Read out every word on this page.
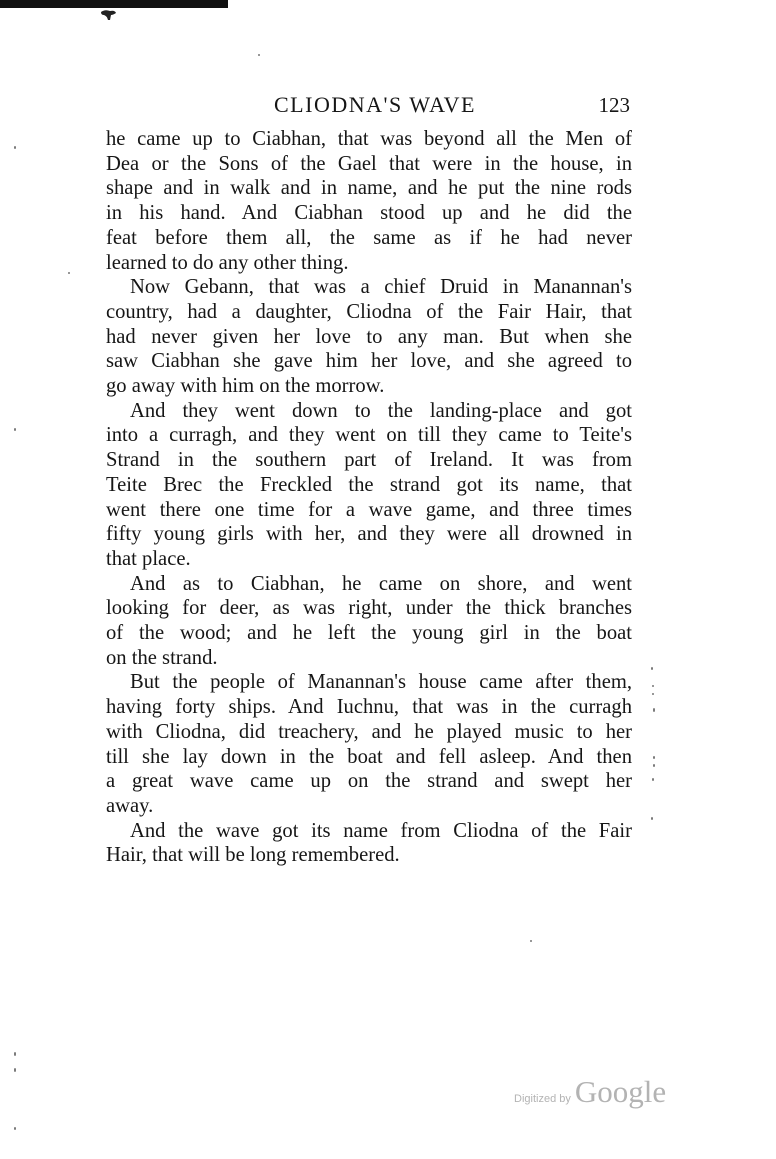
CLIODNA'S WAVE	123

he came up to Ciabhan, that was beyond all the Men of
Dea or the Sons of the Gael that were in the house, in
shape and in walk and in name, and he put the nine rods
in his hand. And Ciabhan stood up and he did the
feat before them all, the same as if he had never
learned to do any other thing.

Now Gebann, that was a chief Druid in Manannan's
country, had a daughter, Cliodna of the Fair Hair, that
had never given her love to any man. But when she
saw Ciabhan she gave him her love, and she agreed to
go away with him on the morrow.

And they went down to the landing-place and got
into a curragh, and they went on till they came to Teite's
Strand in the southern part of Ireland. It was from
Teite Brec the Freckled the strand got its name, that
went there one time for a wave game, and three times
fifty young girls with her, and they were all drowned in
that place.

And as to Ciabhan, he came on shore, and went
looking for deer, as was right, under the thick branches
of the wood; and he left the young girl in the boat
on the strand.

But the people of Manannan's house came after them,
having forty ships. And Iuchnu, that was in the curragh
with Cliodna, did treachery, and he played music to her
till she lay down in the boat and fell asleep. And then
a great wave came up on the strand and swept her
away.

And the wave got its name from Cliodna of the Fair
Hair, that will be long remembered.

Digitized by Google
